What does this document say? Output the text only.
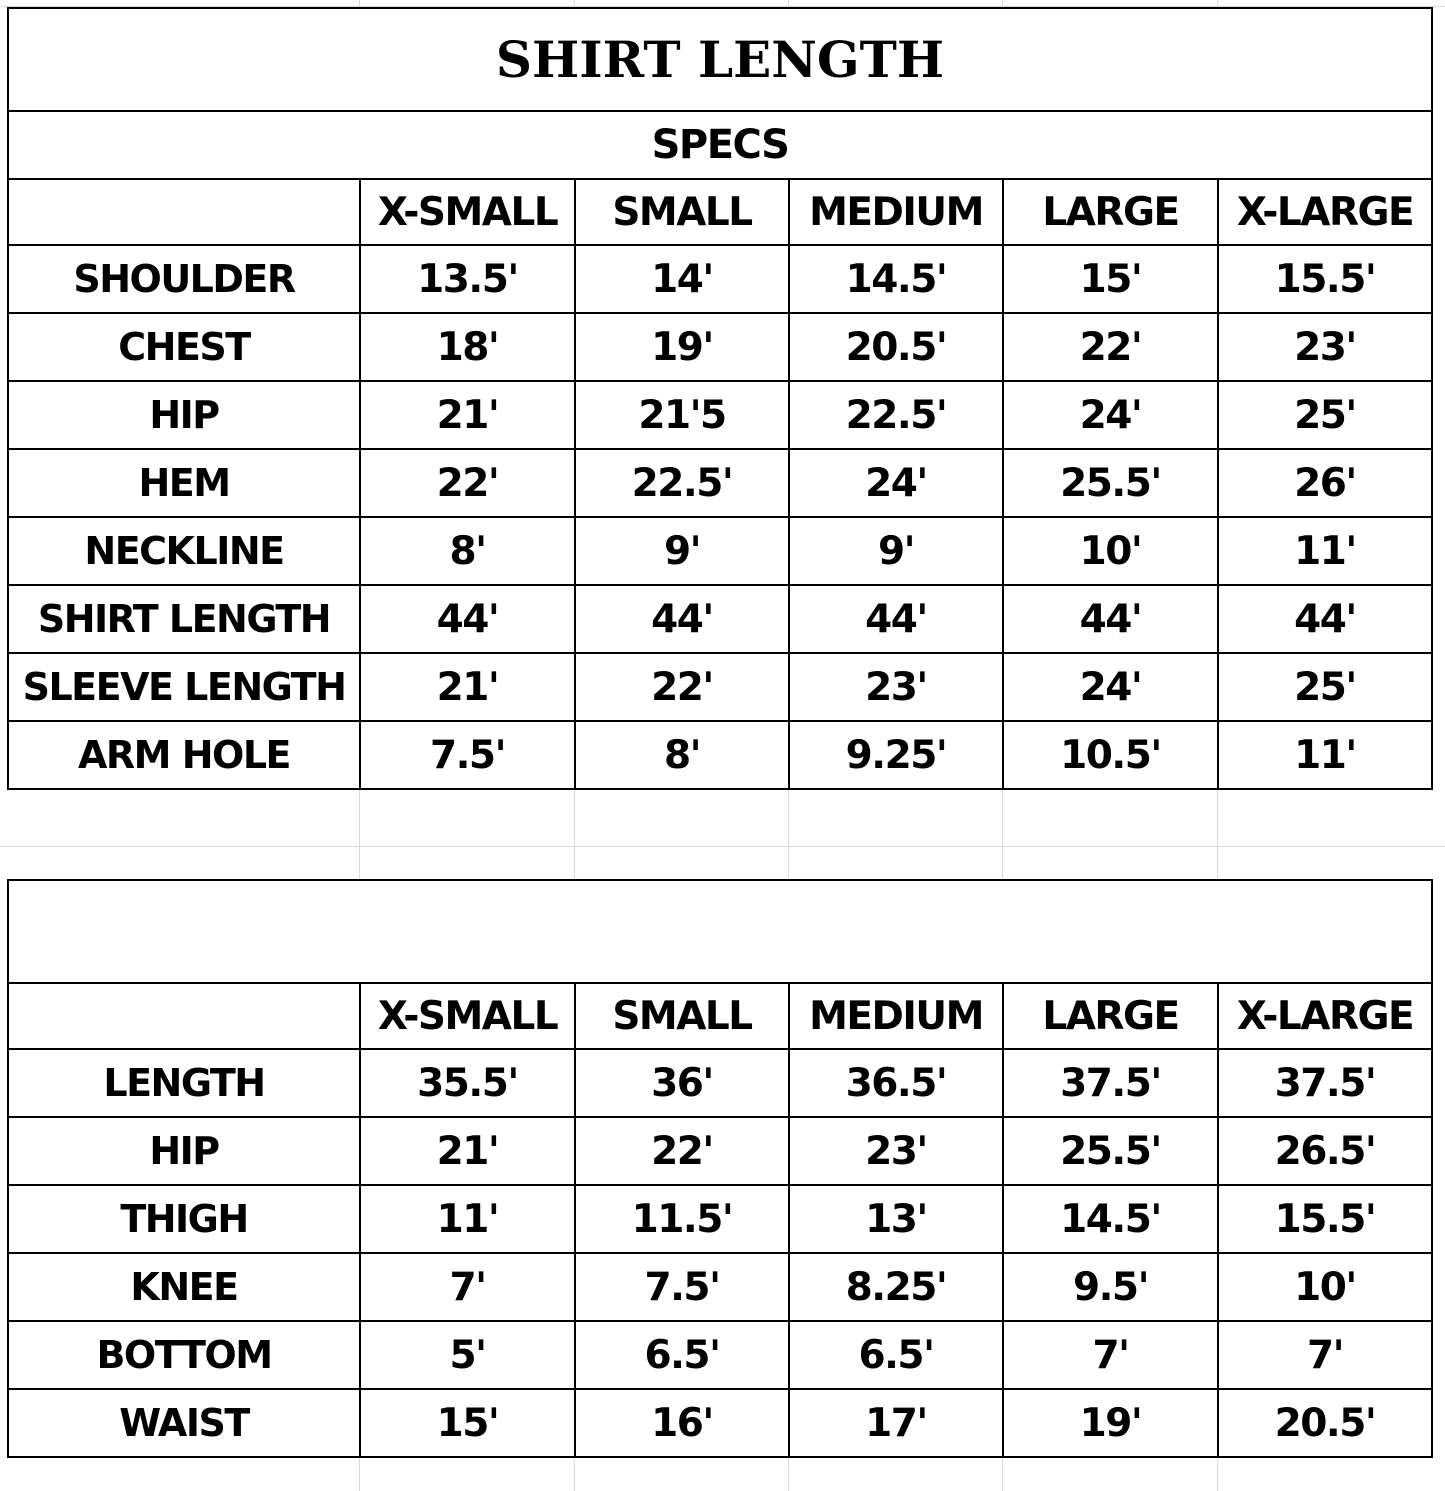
SHIRT LENGTH					
SPECS					
	X-SMALL	SMALL	MEDIUM	LARGE	X-LARGE
SHOULDER	13.5'	14'	14.5'	15'	15.5'
CHEST	18'	19'	20.5'	22'	23'
HIP	21'	21'5	22.5'	24'	25'
HEM	22'	22.5'	24'	25.5'	26'
NECKLINE	8'	9'	9'	10'	11'
SHIRT LENGTH	44'	44'	44'	44'	44'
SLEEVE LENGTH	21'	22'	23'	24'	25'
ARM HOLE	7.5'	8'	9.25'	10.5'	11'

	X-SMALL	SMALL	MEDIUM	LARGE	X-LARGE
LENGTH	35.5'	36'	36.5'	37.5'	37.5'
HIP	21'	22'	23'	25.5'	26.5'
THIGH	11'	11.5'	13'	14.5'	15.5'
KNEE	7'	7.5'	8.25'	9.5'	10'
BOTTOM	5'	6.5'	6.5'	7'	7'
WAIST	15'	16'	17'	19'	20.5'
